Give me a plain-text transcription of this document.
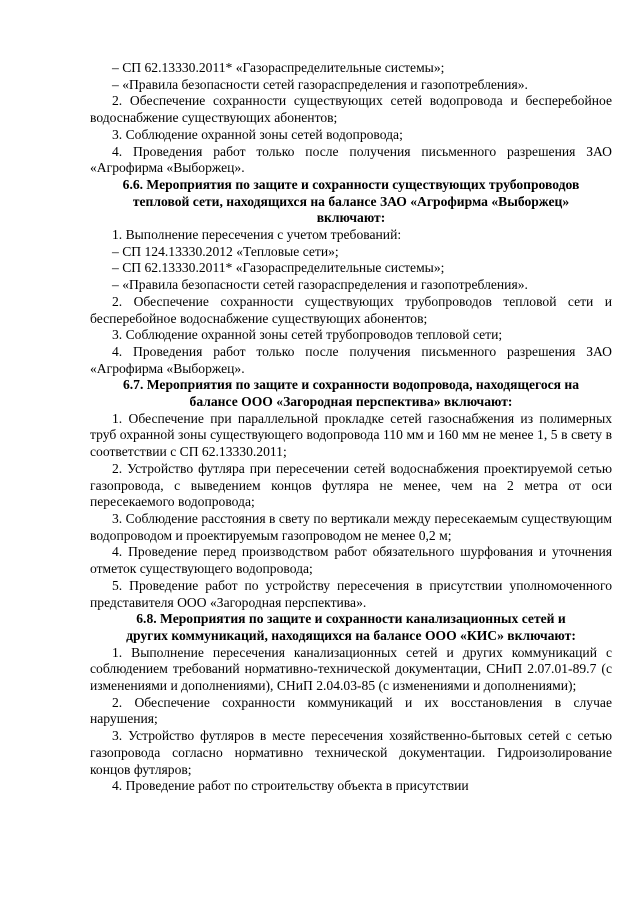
– СП 62.13330.2011* «Газораспределительные системы»;

– «Правила безопасности сетей газораспределения и газопотребления».

2. Обеспечение сохранности существующих сетей водопровода и бесперебойное водоснабжение существующих абонентов;

3. Соблюдение охранной зоны сетей водопровода;

4. Проведения работ только после получения письменного разрешения ЗАО «Агрофирма «Выборжец».

6.6. Мероприятия по защите и сохранности существующих трубопроводов
тепловой сети, находящихся на балансе ЗАО «Агрофирма «Выборжец»
включают:

1. Выполнение пересечения с учетом требований:

– СП 124.13330.2012 «Тепловые сети»;

– СП 62.13330.2011* «Газораспределительные системы»;

– «Правила безопасности сетей газораспределения и газопотребления».

2. Обеспечение сохранности существующих трубопроводов тепловой сети и бесперебойное водоснабжение существующих абонентов;

3. Соблюдение охранной зоны сетей трубопроводов тепловой сети;

4. Проведения работ только после получения письменного разрешения ЗАО «Агрофирма «Выборжец».

6.7. Мероприятия по защите и сохранности водопровода, находящегося на
балансе ООО «Загородная перспектива» включают:

1. Обеспечение при параллельной прокладке сетей газоснабжения из полимерных труб охранной зоны существующего водопровода 110 мм и 160 мм не менее 1, 5 в свету в соответствии с СП 62.13330.2011;

2. Устройство футляра при пересечении сетей водоснабжения проектируемой сетью газопровода, с выведением концов футляра не менее, чем на 2 метра от оси пересекаемого водопровода;

3. Соблюдение расстояния в свету по вертикали между пересекаемым существующим водопроводом и проектируемым газопроводом не менее 0,2 м;

4. Проведение перед производством работ обязательного шурфования и уточнения отметок существующего водопровода;

5. Проведение работ по устройству пересечения в присутствии уполномоченного представителя ООО «Загородная перспектива».

6.8. Мероприятия по защите и сохранности канализационных сетей и
других коммуникаций, находящихся на балансе ООО «КИС» включают:

1. Выполнение пересечения канализационных сетей и других коммуникаций с соблюдением требований нормативно-технической документации, СНиП 2.07.01-89.7 (с изменениями и дополнениями), СНиП 2.04.03-85 (с изменениями и дополнениями);

2. Обеспечение сохранности коммуникаций и их восстановления в случае нарушения;

3. Устройство футляров в месте пересечения хозяйственно-бытовых сетей с сетью газопровода согласно нормативно технической документации. Гидроизолирование концов футляров;

4. Проведение работ по строительству объекта в присутствии
